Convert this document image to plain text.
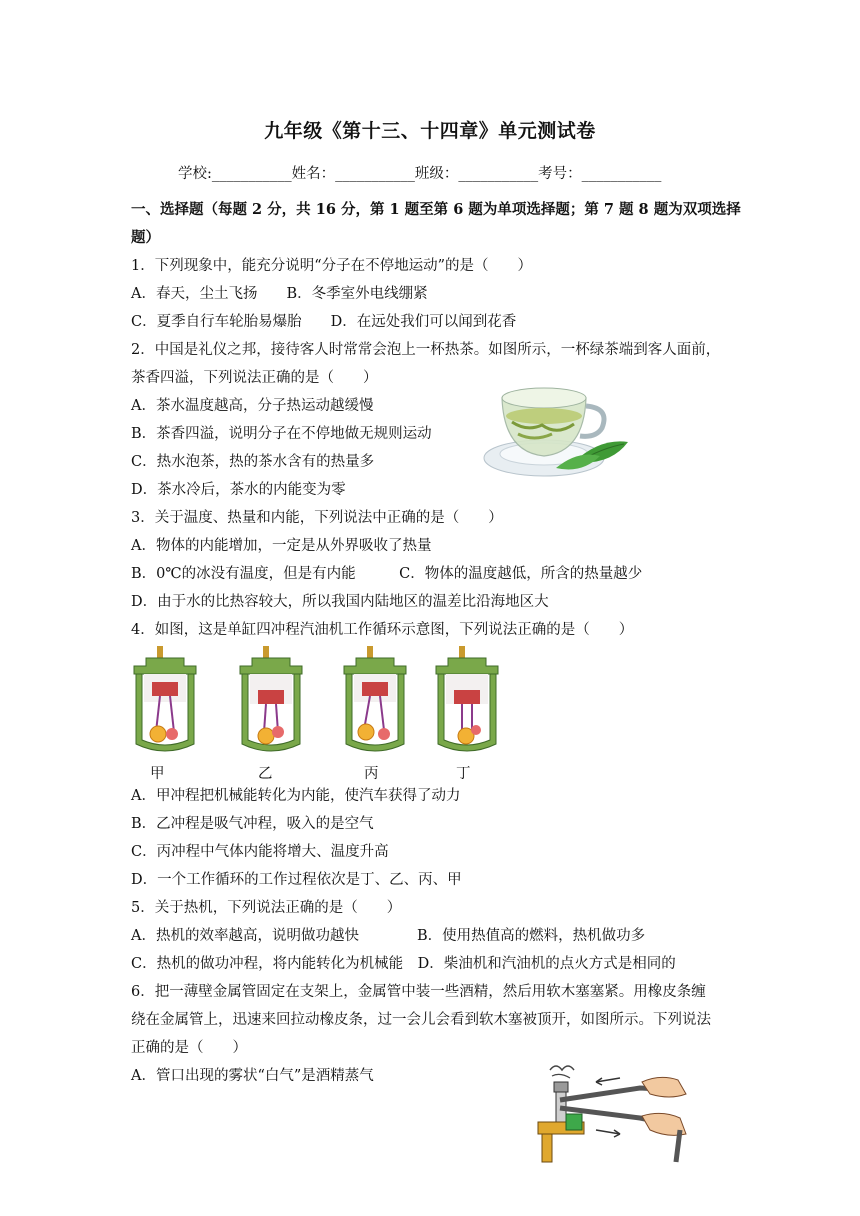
九年级《第十三、十四章》单元测试卷
学校:___________姓名：___________班级：___________考号：___________
一、选择题（每题 2 分，共 16 分，第 1 题至第 6 题为单项选择题；第 7 题 8 题为双项选择
题）
1．下列现象中，能充分说明“分子在不停地运动”的是（　　）
A．春天，尘土飞扬　　B．冬季室外电线绷紧
C．夏季自行车轮胎易爆胎　　D．在远处我们可以闻到花香
2．中国是礼仪之邦，接待客人时常常会泡上一杯热茶。如图所示，一杯绿茶端到客人面前，
茶香四溢，下列说法正确的是（　　）
A．茶水温度越高，分子热运动越缓慢
B．茶香四溢，说明分子在不停地做无规则运动
C．热水泡茶，热的茶水含有的热量多
D．茶水冷后，茶水的内能变为零
3．关于温度、热量和内能，下列说法中正确的是（　　）
A．物体的内能增加，一定是从外界吸收了热量
B．0℃的冰没有温度，但是有内能　　　C．物体的温度越低，所含的热量越少
D．由于水的比热容较大，所以我国内陆地区的温差比沿海地区大
4．如图，这是单缸四冲程汽油机工作循环示意图，下列说法正确的是（　　）
甲	乙	丙	丁
A．甲冲程把机械能转化为内能，使汽车获得了动力
B．乙冲程是吸气冲程，吸入的是空气
C．丙冲程中气体内能将增大、温度升高
D．一个工作循环的工作过程依次是丁、乙、丙、甲
5．关于热机，下列说法正确的是（　　）
A．热机的效率越高，说明做功越快　　　　B．使用热值高的燃料，热机做功多
C．热机的做功冲程，将内能转化为机械能　D．柴油机和汽油机的点火方式是相同的
6．把一薄壁金属管固定在支架上，金属管中装一些酒精，然后用软木塞塞紧。用橡皮条缠
绕在金属管上，迅速来回拉动橡皮条，过一会儿会看到软木塞被顶开，如图所示。下列说法
正确的是（　　）
A．管口出现的雾状“白气”是酒精蒸气
